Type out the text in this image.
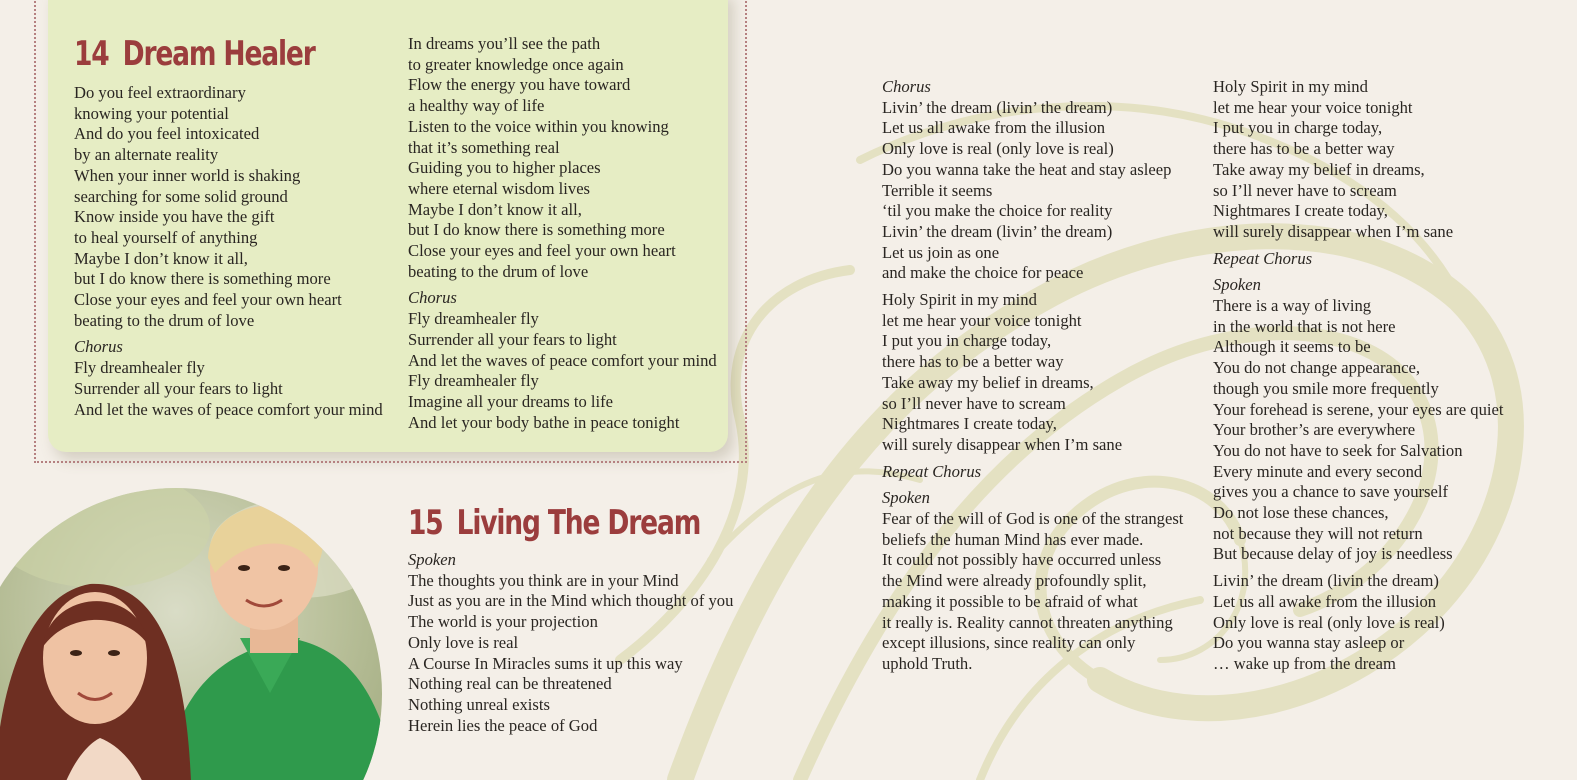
14 Dream Healer
Do you feel extraordinary
knowing your potential
And do you feel intoxicated
by an alternate reality
When your inner world is shaking
searching for some solid ground
Know inside you have the gift
to heal yourself of anything
Maybe I don’t know it all,
but I do know there is something more
Close your eyes and feel your own heart
beating to the drum of love
Chorus
Fly dreamhealer fly
Surrender all your fears to light
And let the waves of peace comfort your mind
In dreams you’ll see the path
to greater knowledge once again
Flow the energy you have toward
a healthy way of life
Listen to the voice within you knowing
that it’s something real
Guiding you to higher places
where eternal wisdom lives
Maybe I don’t know it all,
but I do know there is something more
Close your eyes and feel your own heart
beating to the drum of love
Chorus
Fly dreamhealer fly
Surrender all your fears to light
And let the waves of peace comfort your mind
Fly dreamhealer fly
Imagine all your dreams to life
And let your body bathe in peace tonight
15 Living The Dream
Spoken
The thoughts you think are in your Mind
Just as you are in the Mind which thought of you
The world is your projection
Only love is real
A Course In Miracles sums it up this way
Nothing real can be threatened
Nothing unreal exists
Herein lies the peace of God
Chorus
Livin’ the dream (livin’ the dream)
Let us all awake from the illusion
Only love is real (only love is real)
Do you wanna take the heat and stay asleep
Terrible it seems
‘til you make the choice for reality
Livin’ the dream (livin’ the dream)
Let us join as one
and make the choice for peace
Holy Spirit in my mind
let me hear your voice tonight
I put you in charge today,
there has to be a better way
Take away my belief in dreams,
so I’ll never have to scream
Nightmares I create today,
will surely disappear when I’m sane
Repeat Chorus
Spoken
Fear of the will of God is one of the strangest
beliefs the human Mind has ever made.
It could not possibly have occurred unless
the Mind were already profoundly split,
making it possible to be afraid of what
it really is. Reality cannot threaten anything
except illusions, since reality can only
uphold Truth.
Holy Spirit in my mind
let me hear your voice tonight
I put you in charge today,
there has to be a better way
Take away my belief in dreams,
so I’ll never have to scream
Nightmares I create today,
will surely disappear when I’m sane
Repeat Chorus
Spoken
There is a way of living
in the world that is not here
Although it seems to be
You do not change appearance,
though you smile more frequently
Your forehead is serene, your eyes are quiet
Your brother’s are everywhere
You do not have to seek for Salvation
Every minute and every second
gives you a chance to save yourself
Do not lose these chances,
not because they will not return
But because delay of joy is needless
Livin’ the dream (livin the dream)
Let us all awake from the illusion
Only love is real (only love is real)
Do you wanna stay asleep or
… wake up from the dream
